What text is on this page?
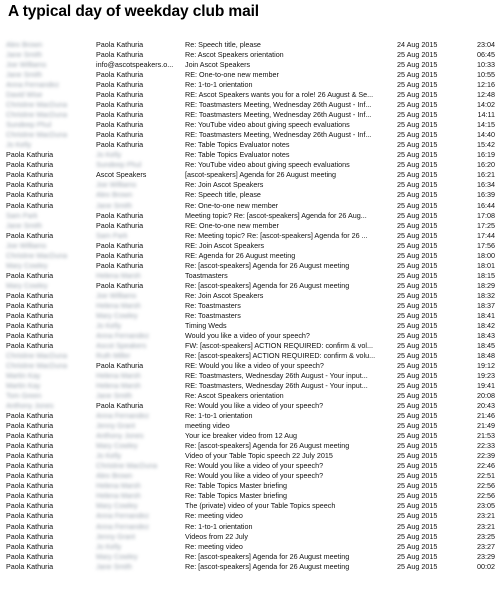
A typical day of weekday club mail
Alex Brown	Paola Kathuria	Re: Speech title, please	24 Aug 2015	23:04
Jane Smith	Paola Kathuria	Re: Ascot Speakers orientation	25 Aug 2015	06:45
Joe Williams	info@ascotspeakers.o...	Join Ascot Speakers	25 Aug 2015	10:33
Jane Smith	Paola Kathuria	RE: One-to-one new member	25 Aug 2015	10:55
Anna Fernandez	Paola Kathuria	Re: 1-to-1 orientation	25 Aug 2015	12:16
David Wise	Paola Kathuria	RE: Ascot Speakers wants you for a role! 26 August & Se...	25 Aug 2015	12:48
Christine MacDuna	Paola Kathuria	RE: Toastmasters Meeting, Wednesday 26th August - Inf...	25 Aug 2015	14:02
Christine MacDuna	Paola Kathuria	RE: Toastmasters Meeting, Wednesday 26th August - Inf...	25 Aug 2015	14:11
Sundeep Phul	Paola Kathuria	Re: YouTube video about giving speech evaluations	25 Aug 2015	14:15
Christine MacDuna	Paola Kathuria	RE: Toastmasters Meeting, Wednesday 26th August - Inf...	25 Aug 2015	14:40
Jo Kelly	Paola Kathuria	Re: Table Topics Evaluator notes	25 Aug 2015	15:42
Paola Kathuria	Jo Kelly	Re: Table Topics Evaluator notes	25 Aug 2015	16:19
Paola Kathuria	Sundeep Phul	Re: YouTube video about giving speech evaluations	25 Aug 2015	16:20
Paola Kathuria	Ascot Speakers	[ascot-speakers] Agenda for 26 August meeting	25 Aug 2015	16:21
Paola Kathuria	Joe Williams	Re: Join Ascot Speakers	25 Aug 2015	16:34
Paola Kathuria	Alex Brown	Re: Speech title, please	25 Aug 2015	16:39
Paola Kathuria	Jane Smith	Re: One-to-one new member	25 Aug 2015	16:44
Sam Park	Paola Kathuria	Meeting topic? Re: [ascot-speakers] Agenda for 26 Aug...	25 Aug 2015	17:08
Jane Smith	Paola Kathuria	RE: One-to-one new member	25 Aug 2015	17:25
Paola Kathuria	Sam Park	Re: Meeting topic? Re: [ascot-speakers] Agenda for 26 ...	25 Aug 2015	17:44
Joe Williams	Paola Kathuria	RE: Join Ascot Speakers	25 Aug 2015	17:56
Christine MacDuna	Paola Kathuria	RE: Agenda for 26 August meeting	25 Aug 2015	18:00
Mary Cowley	Paola Kathuria	Re: [ascot-speakers] Agenda for 26 August meeting	25 Aug 2015	18:01
Paola Kathuria	Helena Marsh	Toastmasters	25 Aug 2015	18:15
Mary Cowley	Paola Kathuria	Re: [ascot-speakers] Agenda for 26 August meeting	25 Aug 2015	18:29
Paola Kathuria	Joe Williams	Re: Join Ascot Speakers	25 Aug 2015	18:32
Paola Kathuria	Helena Marsh	Re: Toastmasters	25 Aug 2015	18:37
Paola Kathuria	Mary Cowley	Re: Toastmasters	25 Aug 2015	18:41
Paola Kathuria	Jo Kelly	Timing Weds	25 Aug 2015	18:42
Paola Kathuria	Anna Fernandez	Would you like a video of your speech?	25 Aug 2015	18:43
Paola Kathuria	Ascot Speakers	FW: [ascot-speakers] ACTION REQUIRED: confirm & vol...	25 Aug 2015	18:45
Christine MacDuna	Ruth Miller	Re: [ascot-speakers] ACTION REQUIRED: confirm & volu...	25 Aug 2015	18:48
Christine MacDuna	Paola Kathuria	RE: Would you like a video of your speech?	25 Aug 2015	19:12
Martin Kay	Helena Marsh	RE: Toastmasters, Wednesday 26th August - Your input...	25 Aug 2015	19:23
Martin Kay	Helena Marsh	RE: Toastmasters, Wednesday 26th August - Your input...	25 Aug 2015	19:41
Tom Green	Jane Smith	Re: Ascot Speakers orientation	25 Aug 2015	20:08
Anthony Jones	Paola Kathuria	Re: Would you like a video of your speech?	25 Aug 2015	20:43
Paola Kathuria	Anna Fernandez	Re: 1-to-1 orientation	25 Aug 2015	21:46
Paola Kathuria	Jenny Grant	meeting video	25 Aug 2015	21:49
Paola Kathuria	Anthony Jones	Your ice breaker video from 12 Aug	25 Aug 2015	21:53
Paola Kathuria	Mary Cowley	Re: [ascot-speakers] Agenda for 26 August meeting	25 Aug 2015	22:33
Paola Kathuria	Jo Kelly	Video of your Table Topic speech 22 July 2015	25 Aug 2015	22:39
Paola Kathuria	Christine MacDuna	Re: Would you like a video of your speech?	25 Aug 2015	22:46
Paola Kathuria	Alex Brown	Re: Would you like a video of your speech?	25 Aug 2015	22:51
Paola Kathuria	Helena Marsh	Re: Table Topics Master briefing	25 Aug 2015	22:56
Paola Kathuria	Helena Marsh	Re: Table Topics Master briefing	25 Aug 2015	22:56
Paola Kathuria	Mary Cowley	The (private) video of your Table Topics speech	25 Aug 2015	23:05
Paola Kathuria	Anna Fernandez	Re: meeting video	25 Aug 2015	23:21
Paola Kathuria	Anna Fernandez	Re: 1-to-1 orientation	25 Aug 2015	23:21
Paola Kathuria	Jenny Grant	Videos from 22 July	25 Aug 2015	23:25
Paola Kathuria	Jo Kelly	Re: meeting video	25 Aug 2015	23:27
Paola Kathuria	Mary Cowley	Re: [ascot-speakers] Agenda for 26 August meeting	25 Aug 2015	23:29
Paola Kathuria	Jane Smith	Re: [ascot-speakers] Agenda for 26 August meeting	25 Aug 2015	00:02
